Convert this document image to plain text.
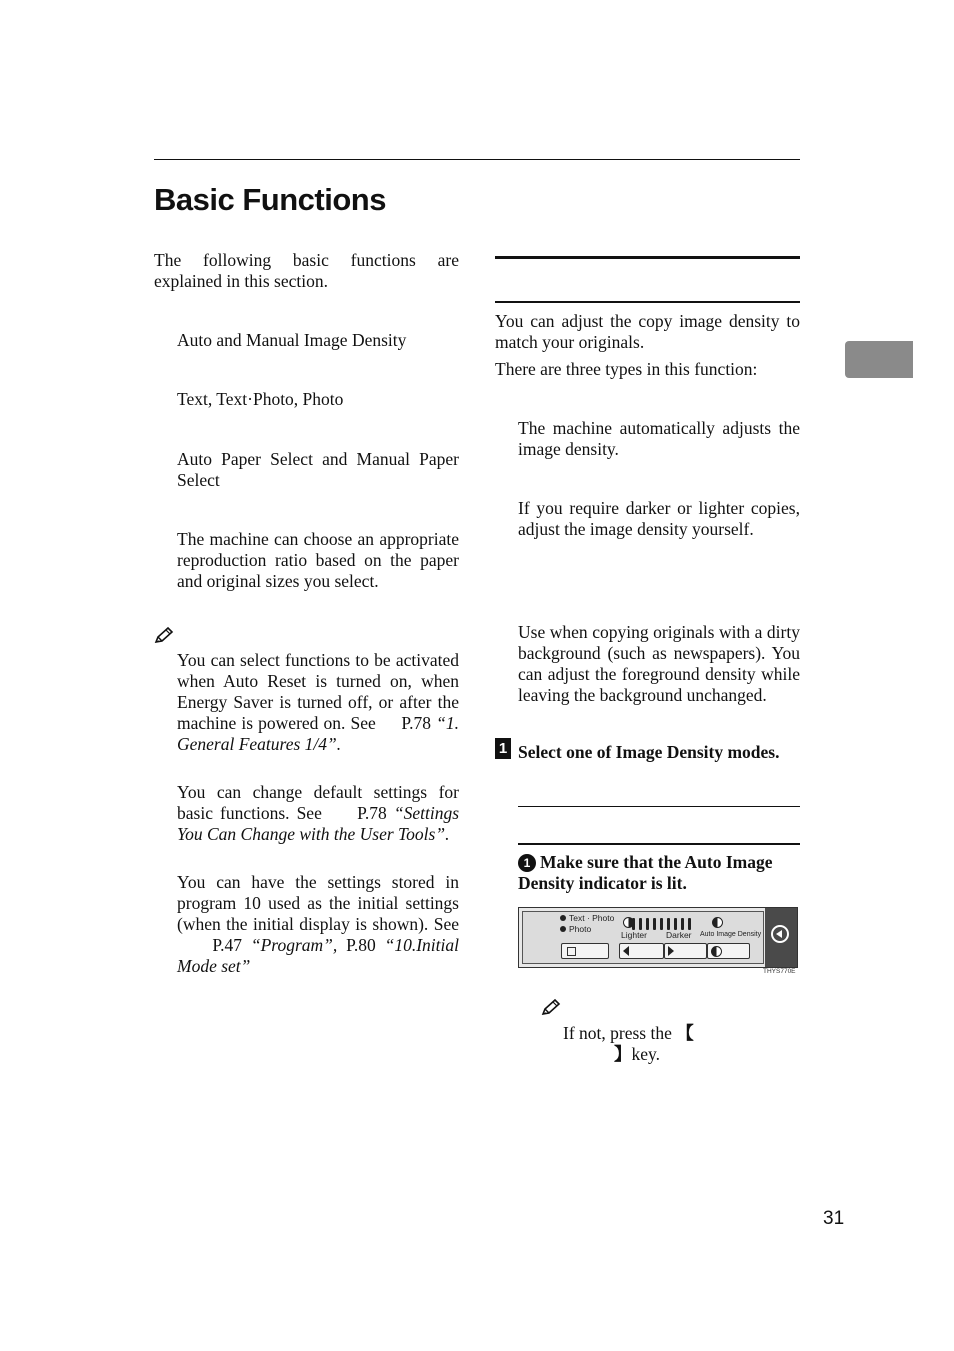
Basic Functions
The following basic functions are explained in this section.
Auto and Manual Image Density
Text, Text·Photo, Photo
Auto Paper Select and Manual Paper Select
The machine can choose an appropriate reproduction ratio based on the paper and original sizes you select.
You can select functions to be activated when Auto Reset is turned on, when Energy Saver is turned off, or after the machine is powered on. See P.78 “1. General Features 1/4”.
You can change default settings for basic functions. See P.78 “Settings You Can Change with the User Tools”.
You can have the settings stored in program 10 used as the initial settings (when the initial display is shown). See     P.47 “Program”, P.80 “10.Initial Mode set”
You can adjust the copy image density to match your originals.
There are three types in this function:
The machine automatically adjusts the image density.
If you require darker or lighter copies, adjust the image density yourself.
Use when copying originals with a dirty background (such as newspapers). You can adjust the foreground density while leaving the background unchanged.
1 Select one of Image Density modes.
1 Make sure that the Auto Image Density indicator is lit.
Text · Photo
Photo
Lighter Darker Auto Image Density
THYS770E
If not, press the 【
】key.
31
